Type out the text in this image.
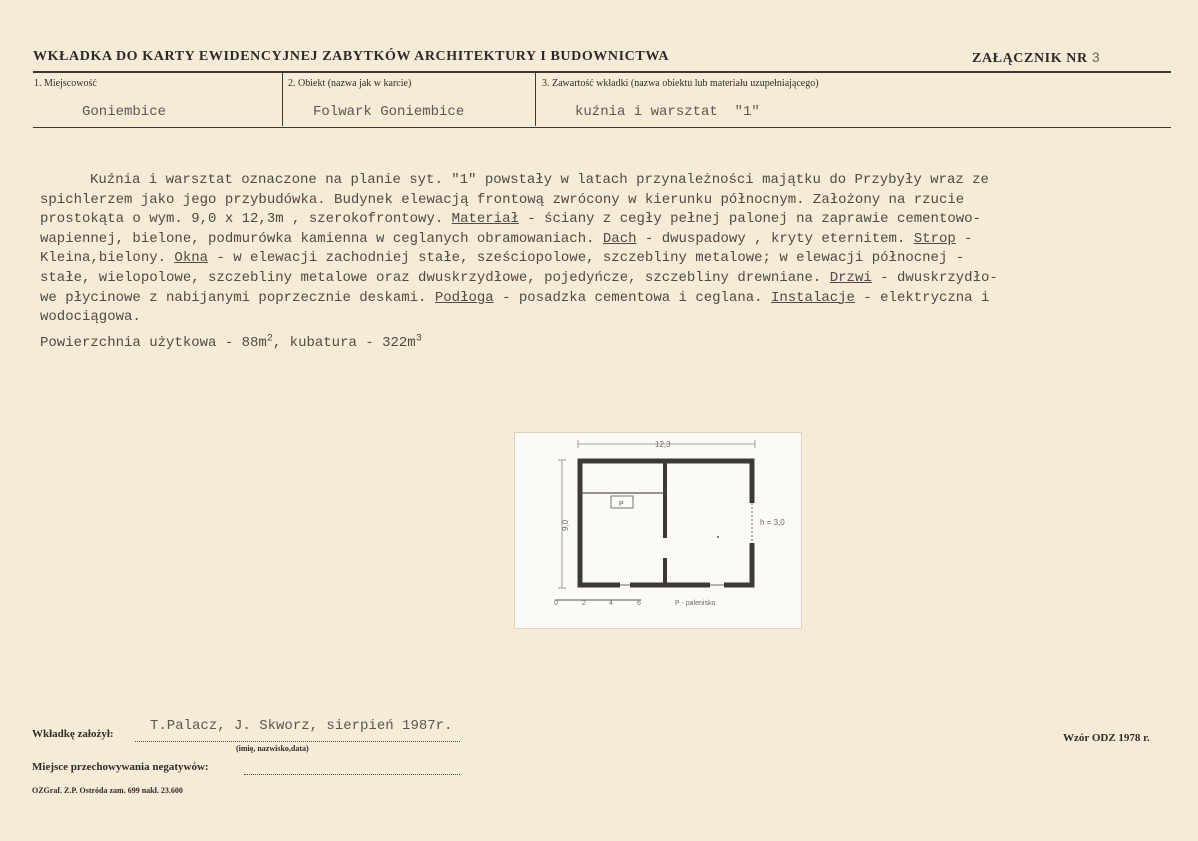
WKŁADKA DO KARTY EWIDENCYJNEJ ZABYTKÓW ARCHITEKTURY I BUDOWNICTWA	ZAŁĄCZNIK NR 3
1. Miejscowość
Goniembice
2. Obiekt (nazwa jak w karcie)
Folwark Goniembice
3. Zawartość wkładki (nazwa obiektu lub materiału uzupełniającego)
kuźnia i warsztat  "1"

Kuźnia i warsztat oznaczone na planie syt. "1" powstały w latach przynależności majątku do Przybyły wraz ze

spichlerzem jako jego przybudówka. Budynek elewacją frontową zwrócony w kierunku północnym. Założony na rzucie

prostokąta o wym. 9,0 x 12,3m , szerokofrontowy. Materiał - ściany z cegły pełnej palonej na zaprawie cementowo-

wapiennej, bielone, podmurówka kamienna w ceglanych obramowaniach. Dach - dwuspadowy , kryty eternitem. Strop -

Kleina,bielony. Okna - w elewacji zachodniej stałe, sześciopolowe, szczebliny metalowe; w elewacji północnej -

stałe, wielopolowe, szczebliny metalowe oraz dwuskrzydłowe, pojedyńcze, szczebliny drewniane. Drzwi - dwuskrzydło-

we płycinowe z nabijanymi poprzecznie deskami. Podłoga - posadzka cementowa i ceglana. Instalacje - elektryczna i

wodociągowa.

Powierzchnia użytkowa - $88m^2$, kubatura - $322m^3$

12,3
9,0
P
h = 3,0
0	2	4	6	P - palenisko
Wkładkę założył:	T.Palacz, J. Skworz, sierpień 1987r.
(imię, nazwisko,data)
Wzór ODZ 1978 r.
Miejsce przechowywania negatywów:
OZGraf. Z.P. Ostróda zam. 699 nakł. 23.600
